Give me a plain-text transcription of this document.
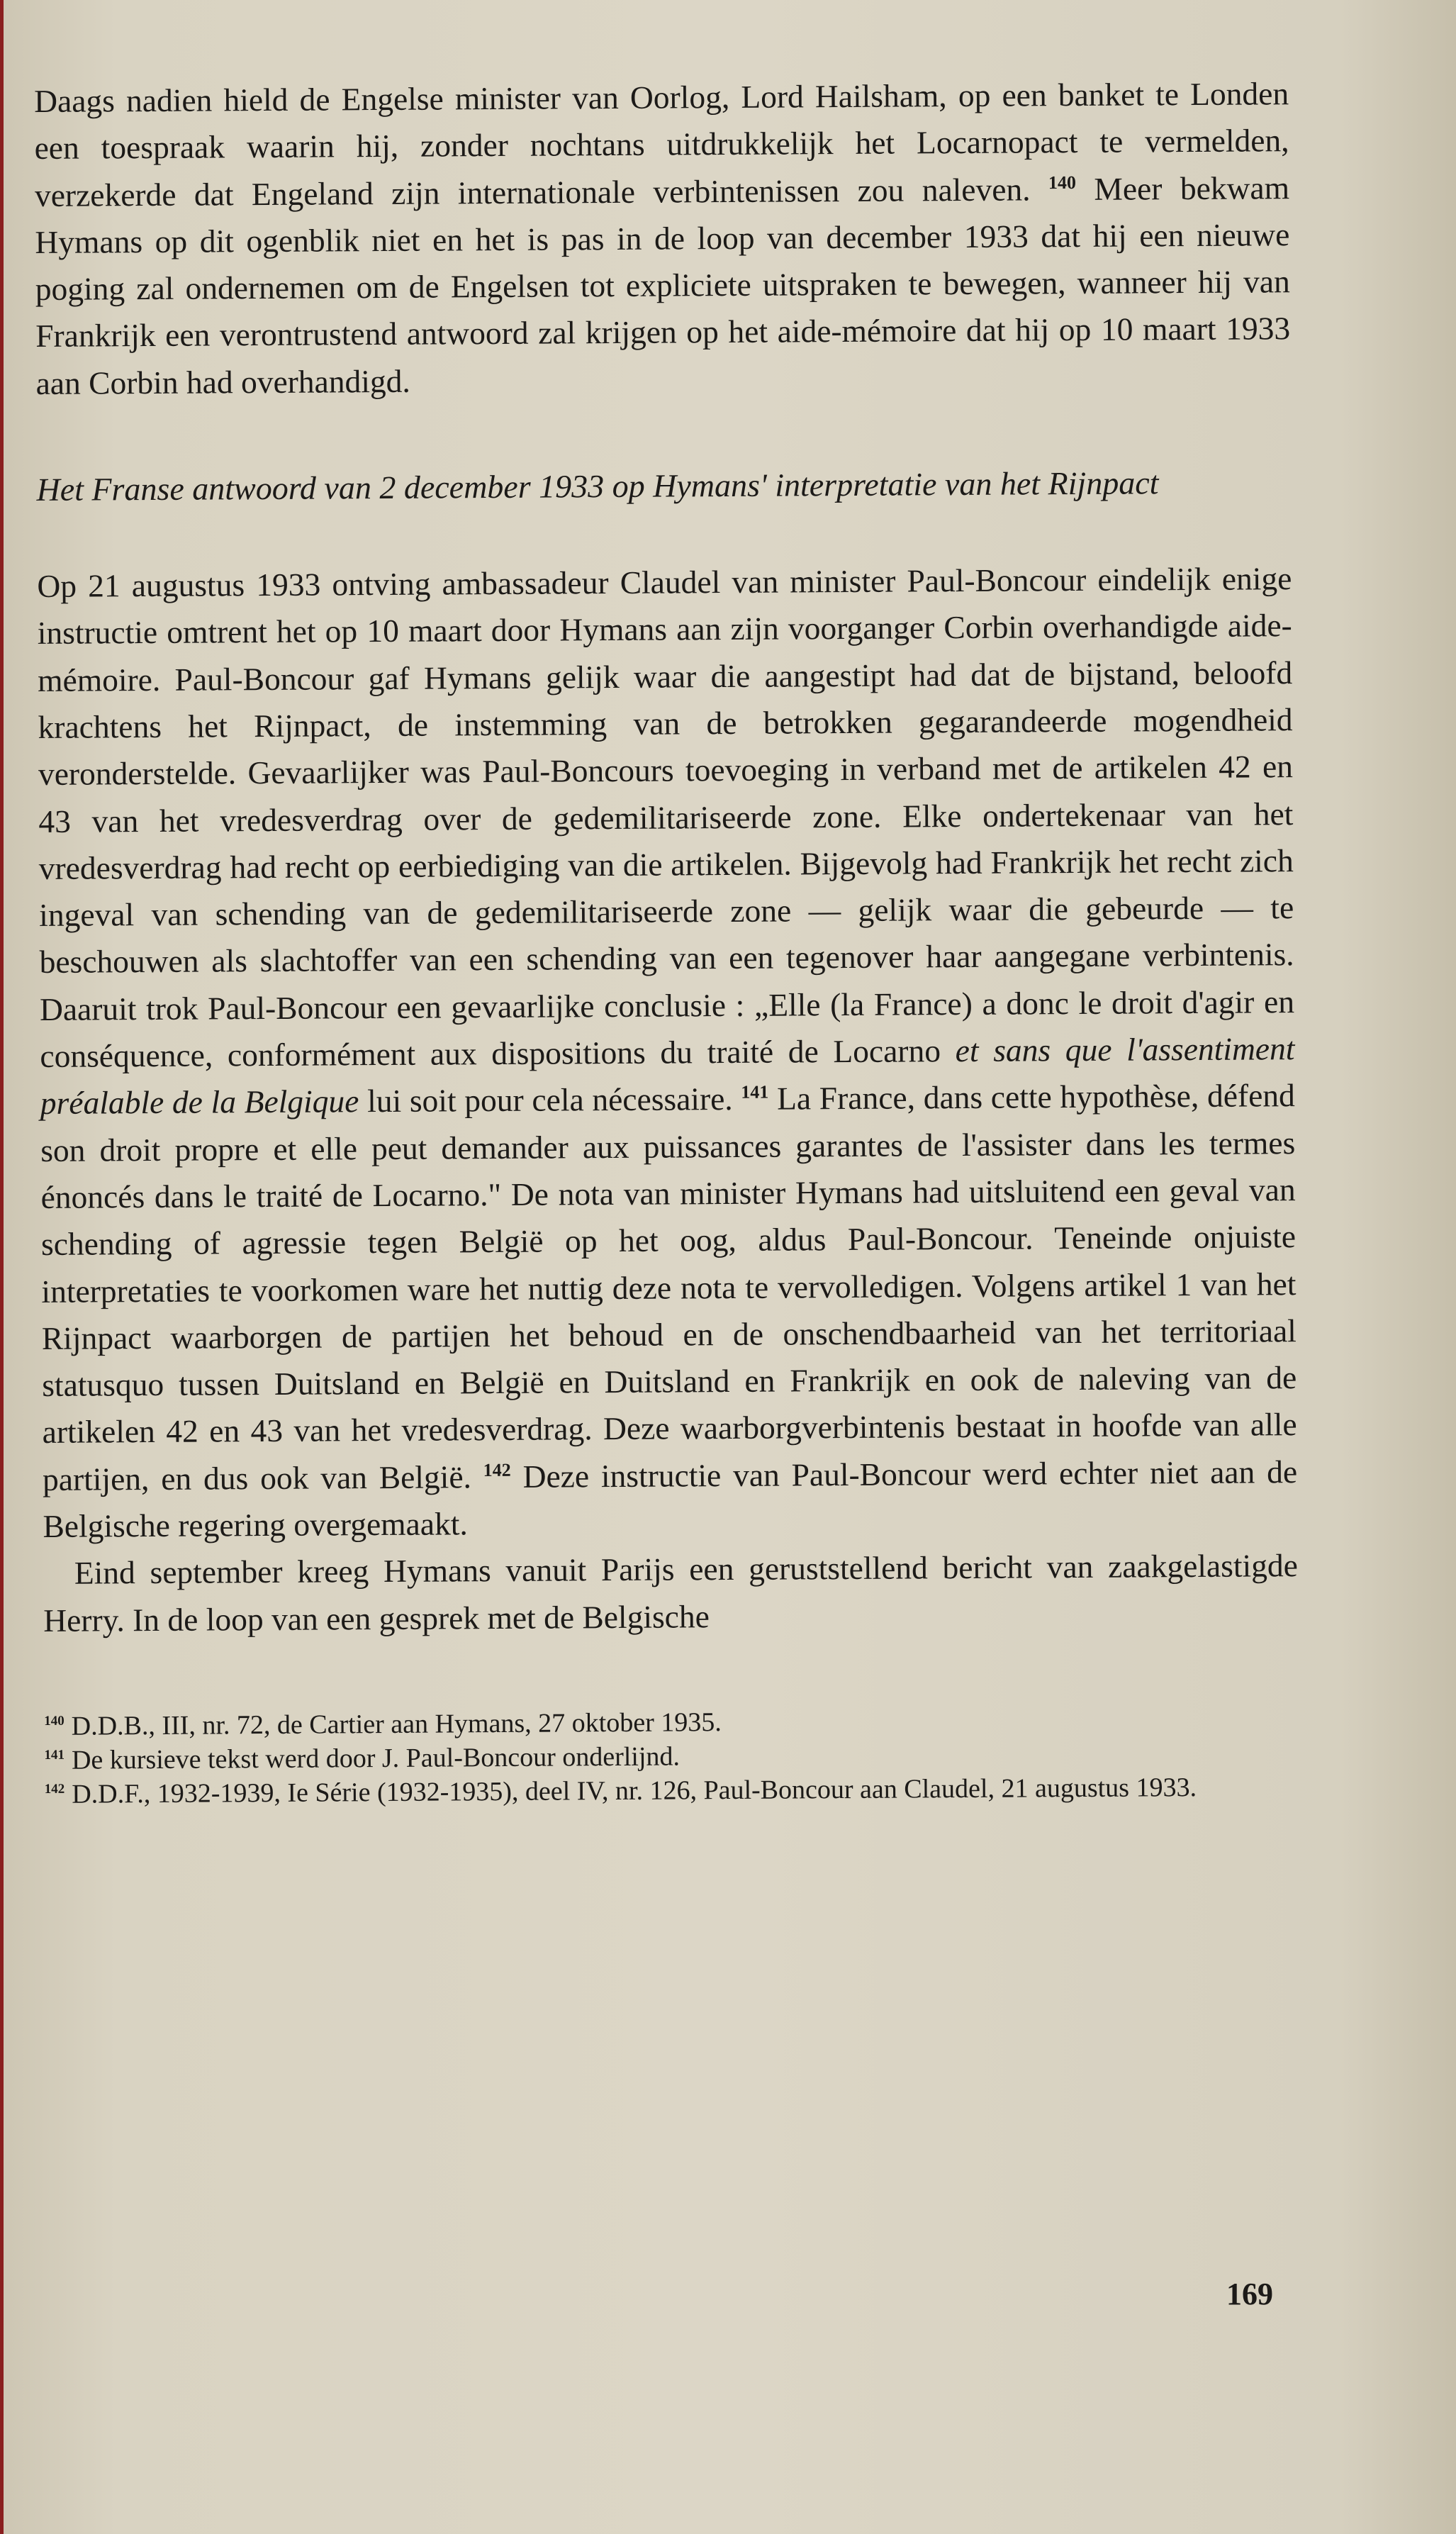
Daags nadien hield de Engelse minister van Oorlog, Lord Hailsham, op een banket te Londen een toespraak waarin hij, zonder nochtans uitdrukkelijk het Locarnopact te vermelden, verzekerde dat Engeland zijn internationale verbintenissen zou naleven. $^{140}$ Meer bekwam Hymans op dit ogenblik niet en het is pas in de loop van december 1933 dat hij een nieuwe poging zal ondernemen om de Engelsen tot expliciete uitspraken te bewegen, wanneer hij van Frankrijk een verontrustend antwoord zal krijgen op het aide-mémoire dat hij op 10 maart 1933 aan Corbin had overhandigd.

Het Franse antwoord van 2 december 1933 op Hymans' interpretatie van het Rijnpact

Op 21 augustus 1933 ontving ambassadeur Claudel van minister Paul-Boncour eindelijk enige instructie omtrent het op 10 maart door Hymans aan zijn voorganger Corbin overhandigde aide-mémoire. Paul-Boncour gaf Hymans gelijk waar die aangestipt had dat de bijstand, beloofd krachtens het Rijnpact, de instemming van de betrokken gegarandeerde mogendheid veronderstelde. Gevaarlijker was Paul-Boncours toevoeging in verband met de artikelen 42 en 43 van het vredesverdrag over de gedemilitariseerde zone. Elke ondertekenaar van het vredesverdrag had recht op eerbiediging van die artikelen. Bijgevolg had Frankrijk het recht zich ingeval van schending van de gedemilitariseerde zone — gelijk waar die gebeurde — te beschouwen als slachtoffer van een schending van een tegenover haar aangegane verbintenis. Daaruit trok Paul-Boncour een gevaarlijke conclusie : „Elle (la France) a donc le droit d'agir en conséquence, conformément aux dispositions du traité de Locarno et sans que l'assentiment préalable de la Belgique lui soit pour cela nécessaire. $^{141}$ La France, dans cette hypothèse, défend son droit propre et elle peut demander aux puissances garantes de l'assister dans les termes énoncés dans le traité de Locarno." De nota van minister Hymans had uitsluitend een geval van schending of agressie tegen België op het oog, aldus Paul-Boncour. Teneinde onjuiste interpretaties te voorkomen ware het nuttig deze nota te vervolledigen. Volgens artikel 1 van het Rijnpact waarborgen de partijen het behoud en de onschendbaarheid van het territoriaal statusquo tussen Duitsland en België en Duitsland en Frankrijk en ook de naleving van de artikelen 42 en 43 van het vredesverdrag. Deze waarborgverbintenis bestaat in hoofde van alle partijen, en dus ook van België. $^{142}$ Deze instructie van Paul-Boncour werd echter niet aan de Belgische regering overgemaakt.

Eind september kreeg Hymans vanuit Parijs een geruststellend bericht van zaakgelastigde Herry. In de loop van een gesprek met de Belgische

$^{140}$ D.D.B., III, nr. 72, de Cartier aan Hymans, 27 oktober 1935.

$^{141}$ De kursieve tekst werd door J. Paul-Boncour onderlijnd.

$^{142}$ D.D.F., 1932-1939, Ie Série (1932-1935), deel IV, nr. 126, Paul-Boncour aan Claudel, 21 augustus 1933.

169
